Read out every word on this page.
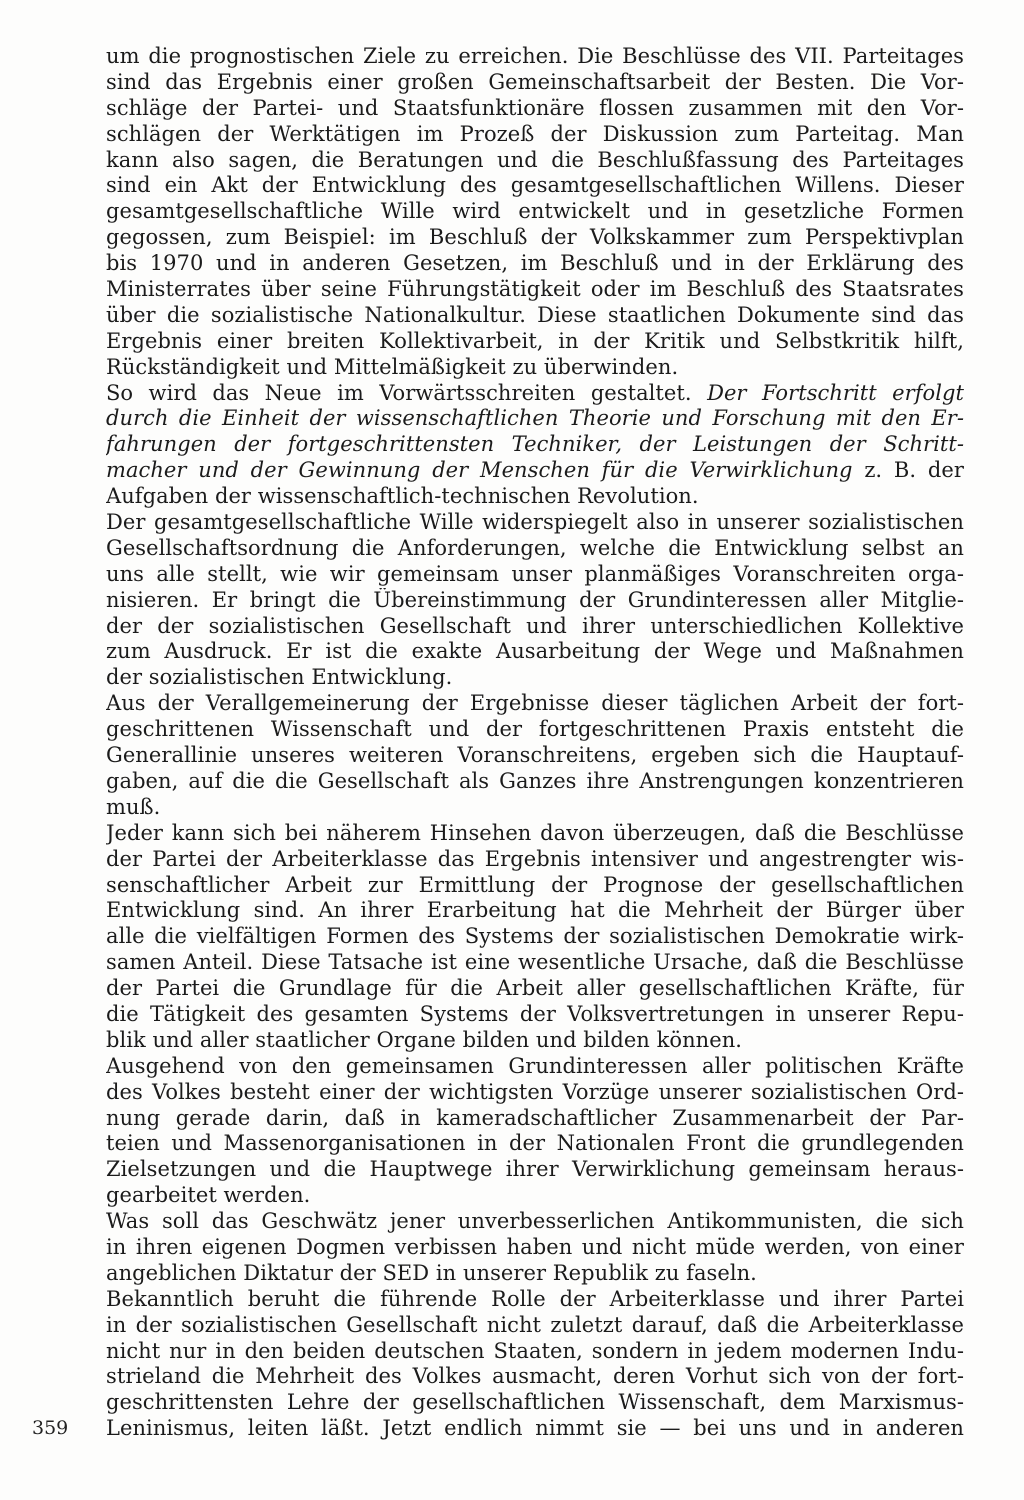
um die prognostischen Ziele zu erreichen. Die Beschlüsse des VII. Parteitages
sind das Ergebnis einer großen Gemeinschaftsarbeit der Besten. Die Vor-
schläge der Partei- und Staatsfunktionäre flossen zusammen mit den Vor-
schlägen der Werktätigen im Prozeß der Diskussion zum Parteitag. Man
kann also sagen, die Beratungen und die Beschlußfassung des Parteitages
sind ein Akt der Entwicklung des gesamtgesellschaftlichen Willens. Dieser
gesamtgesellschaftliche Wille wird entwickelt und in gesetzliche Formen
gegossen, zum Beispiel: im Beschluß der Volkskammer zum Perspektivplan
bis 1970 und in anderen Gesetzen, im Beschluß und in der Erklärung des
Ministerrates über seine Führungstätigkeit oder im Beschluß des Staatsrates
über die sozialistische Nationalkultur. Diese staatlichen Dokumente sind das
Ergebnis einer breiten Kollektivarbeit, in der Kritik und Selbstkritik hilft,
Rückständigkeit und Mittelmäßigkeit zu überwinden.
So wird das Neue im Vorwärtsschreiten gestaltet. Der Fortschritt erfolgt
durch die Einheit der wissenschaftlichen Theorie und Forschung mit den Er-
fahrungen der fortgeschrittensten Techniker, der Leistungen der Schritt-
macher und der Gewinnung der Menschen für die Verwirklichung z. B. der
Aufgaben der wissenschaftlich-technischen Revolution.
Der gesamtgesellschaftliche Wille widerspiegelt also in unserer sozialistischen
Gesellschaftsordnung die Anforderungen, welche die Entwicklung selbst an
uns alle stellt, wie wir gemeinsam unser planmäßiges Voranschreiten orga-
nisieren. Er bringt die Übereinstimmung der Grundinteressen aller Mitglie-
der der sozialistischen Gesellschaft und ihrer unterschiedlichen Kollektive
zum Ausdruck. Er ist die exakte Ausarbeitung der Wege und Maßnahmen
der sozialistischen Entwicklung.
Aus der Verallgemeinerung der Ergebnisse dieser täglichen Arbeit der fort-
geschrittenen Wissenschaft und der fortgeschrittenen Praxis entsteht die
Generallinie unseres weiteren Voranschreitens, ergeben sich die Hauptauf-
gaben, auf die die Gesellschaft als Ganzes ihre Anstrengungen konzentrieren
muß.
Jeder kann sich bei näherem Hinsehen davon überzeugen, daß die Beschlüsse
der Partei der Arbeiterklasse das Ergebnis intensiver und angestrengter wis-
senschaftlicher Arbeit zur Ermittlung der Prognose der gesellschaftlichen
Entwicklung sind. An ihrer Erarbeitung hat die Mehrheit der Bürger über
alle die vielfältigen Formen des Systems der sozialistischen Demokratie wirk-
samen Anteil. Diese Tatsache ist eine wesentliche Ursache, daß die Beschlüsse
der Partei die Grundlage für die Arbeit aller gesellschaftlichen Kräfte, für
die Tätigkeit des gesamten Systems der Volksvertretungen in unserer Repu-
blik und aller staatlicher Organe bilden und bilden können.
Ausgehend von den gemeinsamen Grundinteressen aller politischen Kräfte
des Volkes besteht einer der wichtigsten Vorzüge unserer sozialistischen Ord-
nung gerade darin, daß in kameradschaftlicher Zusammenarbeit der Par-
teien und Massenorganisationen in der Nationalen Front die grundlegenden
Zielsetzungen und die Hauptwege ihrer Verwirklichung gemeinsam heraus-
gearbeitet werden.
Was soll das Geschwätz jener unverbesserlichen Antikommunisten, die sich
in ihren eigenen Dogmen verbissen haben und nicht müde werden, von einer
angeblichen Diktatur der SED in unserer Republik zu faseln.
Bekanntlich beruht die führende Rolle der Arbeiterklasse und ihrer Partei
in der sozialistischen Gesellschaft nicht zuletzt darauf, daß die Arbeiterklasse
nicht nur in den beiden deutschen Staaten, sondern in jedem modernen Indu-
strieland die Mehrheit des Volkes ausmacht, deren Vorhut sich von der fort-
geschrittensten Lehre der gesellschaftlichen Wissenschaft, dem Marxismus-
Leninismus, leiten läßt. Jetzt endlich nimmt sie — bei uns und in anderen
359
